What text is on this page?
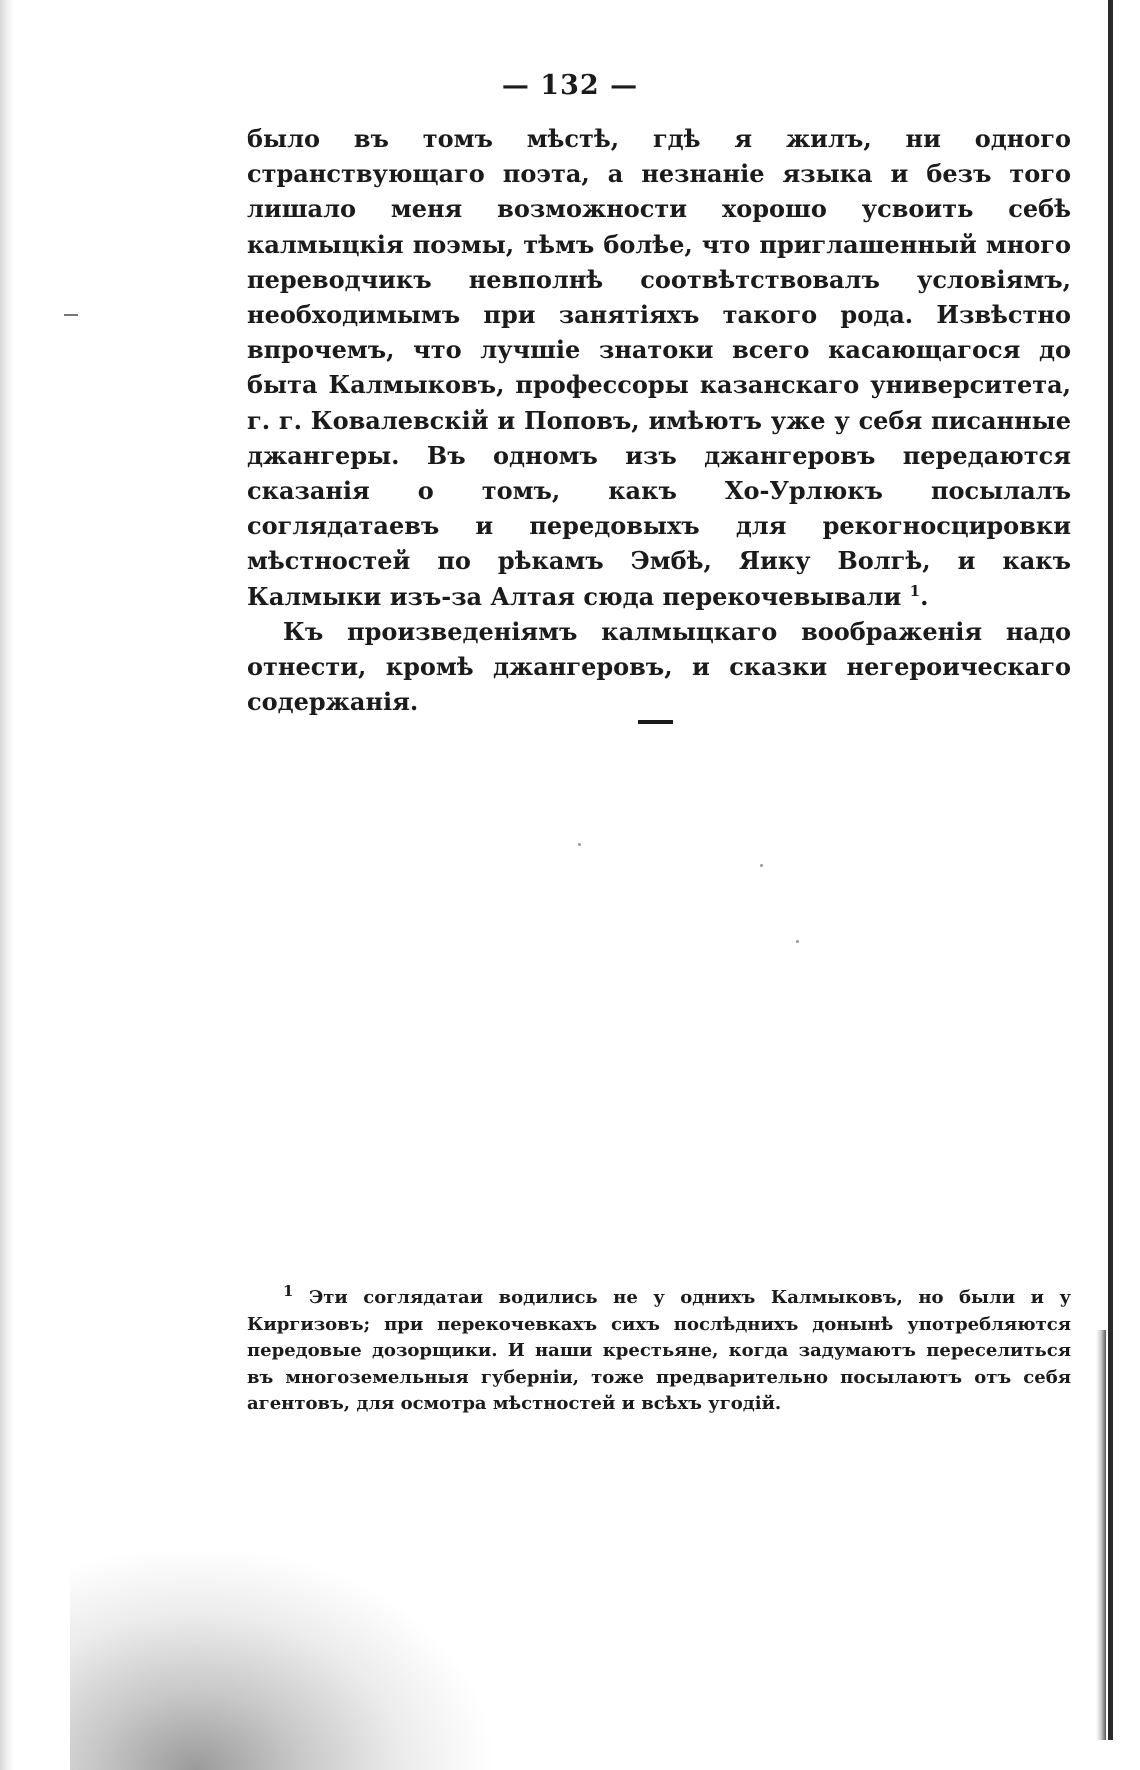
— 132 —

было въ томъ мѣстѣ, гдѣ я жилъ, ни одного странствующаго поэта, а незнаніе языка и безъ того лишало меня возможности хорошо усвоить себѣ калмыцкія поэмы, тѣмъ болѣе, что приглашенный много переводчикъ невполнѣ соотвѣтствовалъ условіямъ, необходимымъ при занятіяхъ такого рода. Извѣстно впрочемъ, что лучшіе знатоки всего касающагося до быта Калмыковъ, профессоры казанскаго университета, г. г. Ковалевскій и Поповъ, имѣютъ уже у себя писанные джангеры. Въ одномъ изъ джангеровъ передаются сказанія о томъ, какъ Хо-Урлюкъ посылалъ соглядатаевъ и передовыхъ для рекогносцировки мѣстностей по рѣкамъ Эмбѣ, Яику Волгѣ, и какъ Калмыки изъ-за Алтая сюда перекочевывали $^1$.

Къ произведеніямъ калмыцкаго воображенія надо отнести, кромѣ джангеровъ, и сказки негероическаго содержанія.

$^1$ Эти соглядатаи водились не у однихъ Калмыковъ, но были и у Киргизовъ; при перекочевкахъ сихъ послѣднихъ донынѣ употребляются передовые дозорщики. И наши крестьяне, когда задумаютъ переселиться въ многоземельныя губерніи, тоже предварительно посылаютъ отъ себя агентовъ, для осмотра мѣстностей и всѣхъ угодій.
